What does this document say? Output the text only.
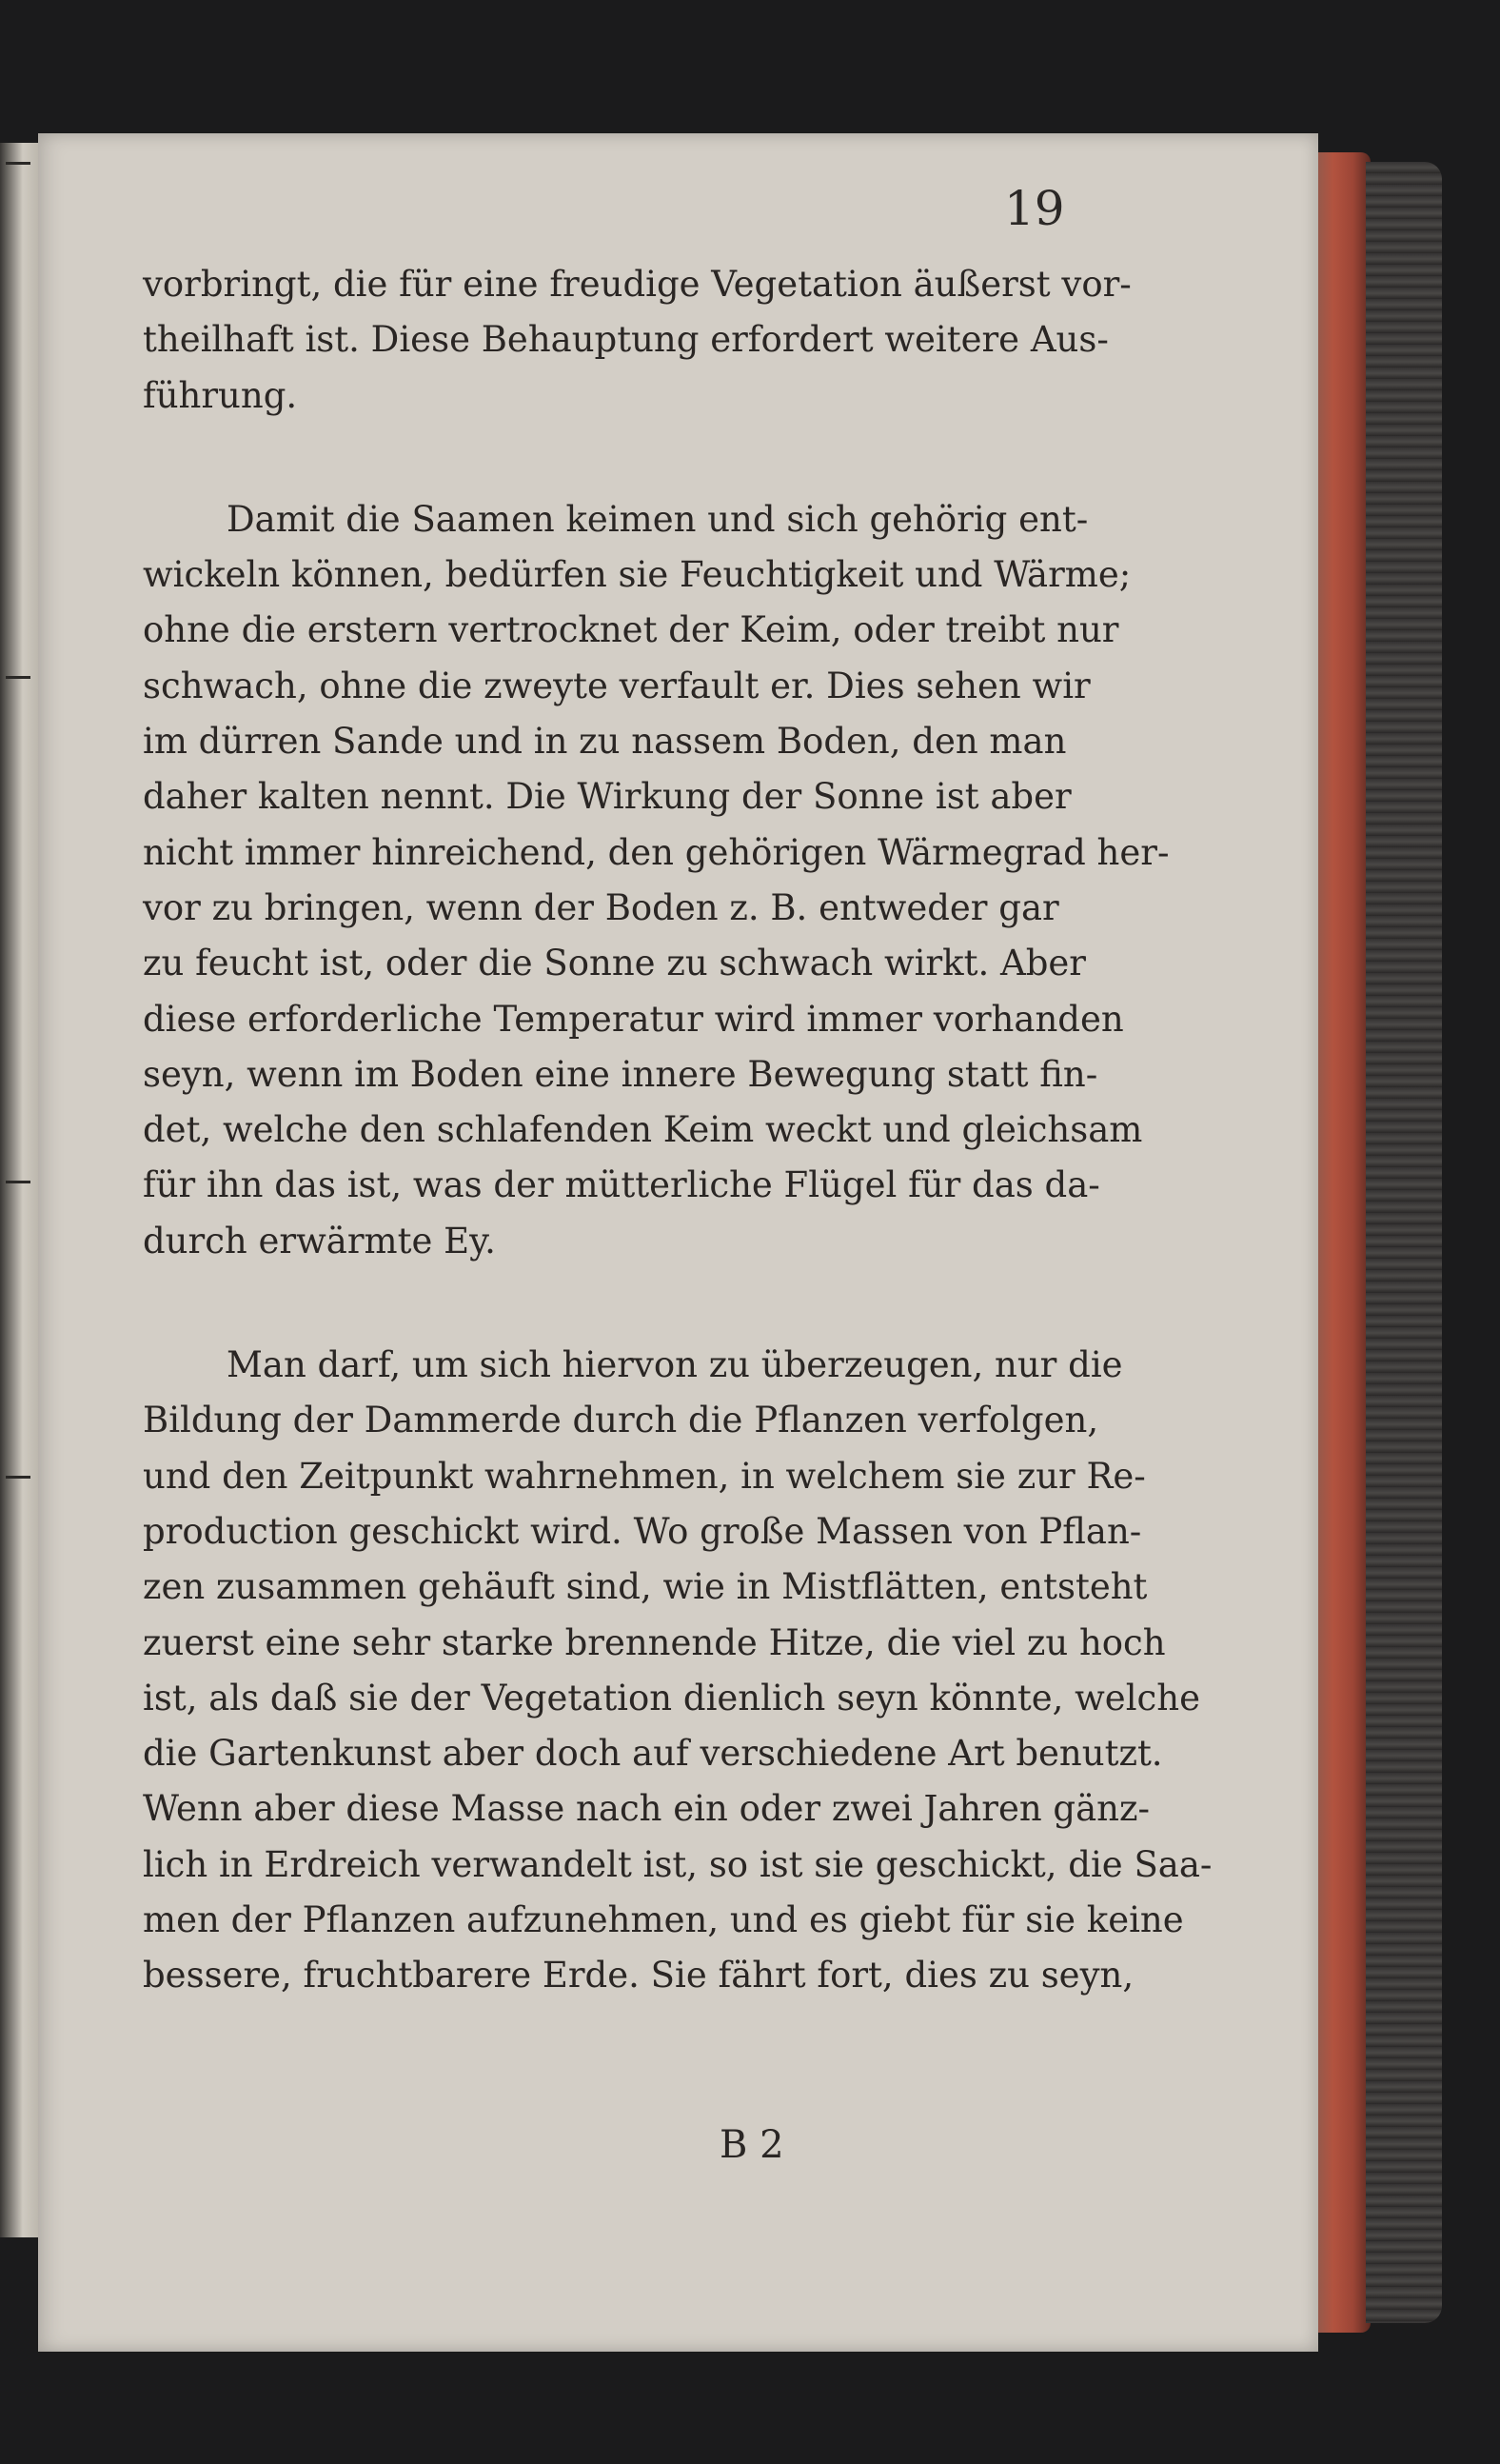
19
vorbringt, die für eine freudige Vegetation äußerst vor-
theilhaft ist. Diese Behauptung erfordert weitere Aus-
führung.
Damit die Saamen keimen und sich gehörig ent-
wickeln können, bedürfen sie Feuchtigkeit und Wärme;
ohne die erstern vertrocknet der Keim, oder treibt nur
schwach, ohne die zweyte verfault er. Dies sehen wir
im dürren Sande und in zu nassem Boden, den man
daher kalten nennt. Die Wirkung der Sonne ist aber
nicht immer hinreichend, den gehörigen Wärmegrad her-
vor zu bringen, wenn der Boden z. B. entweder gar
zu feucht ist, oder die Sonne zu schwach wirkt. Aber
diese erforderliche Temperatur wird immer vorhanden
seyn, wenn im Boden eine innere Bewegung statt fin-
det, welche den schlafenden Keim weckt und gleichsam
für ihn das ist, was der mütterliche Flügel für das da-
durch erwärmte Ey.
Man darf, um sich hiervon zu überzeugen, nur die
Bildung der Dammerde durch die Pflanzen verfolgen,
und den Zeitpunkt wahrnehmen, in welchem sie zur Re-
production geschickt wird. Wo große Massen von Pflan-
zen zusammen gehäuft sind, wie in Mistflätten, entsteht
zuerst eine sehr starke brennende Hitze, die viel zu hoch
ist, als daß sie der Vegetation dienlich seyn könnte, welche
die Gartenkunst aber doch auf verschiedene Art benutzt.
Wenn aber diese Masse nach ein oder zwei Jahren gänz-
lich in Erdreich verwandelt ist, so ist sie geschickt, die Saa-
men der Pflanzen aufzunehmen, und es giebt für sie keine
bessere, fruchtbarere Erde. Sie fährt fort, dies zu seyn,
B 2
